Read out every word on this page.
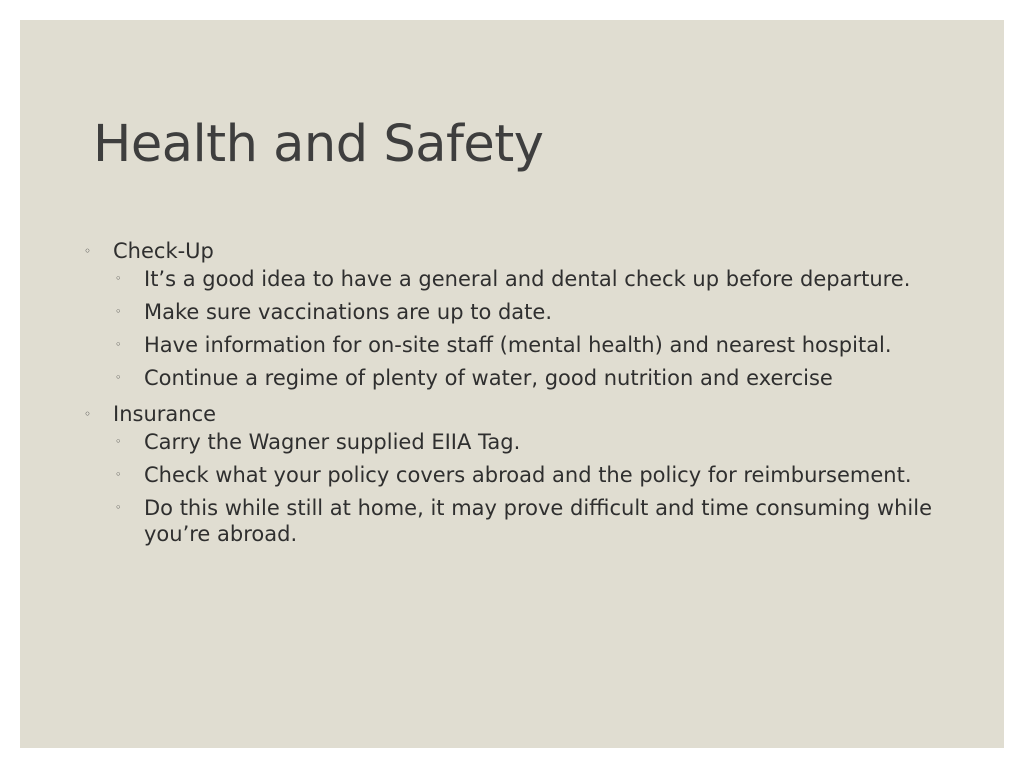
Health and Safety
◦ Check-Up
◦ It’s a good idea to have a general and dental check up before departure.
◦ Make sure vaccinations are up to date.
◦ Have information for on-site staff (mental health) and nearest hospital.
◦ Continue a regime of plenty of water, good nutrition and exercise
◦ Insurance
◦ Carry the Wagner supplied EIIA Tag.
◦ Check what your policy covers abroad and the policy for reimbursement.
◦ Do this while still at home, it may prove difficult and time consuming while you’re abroad.
